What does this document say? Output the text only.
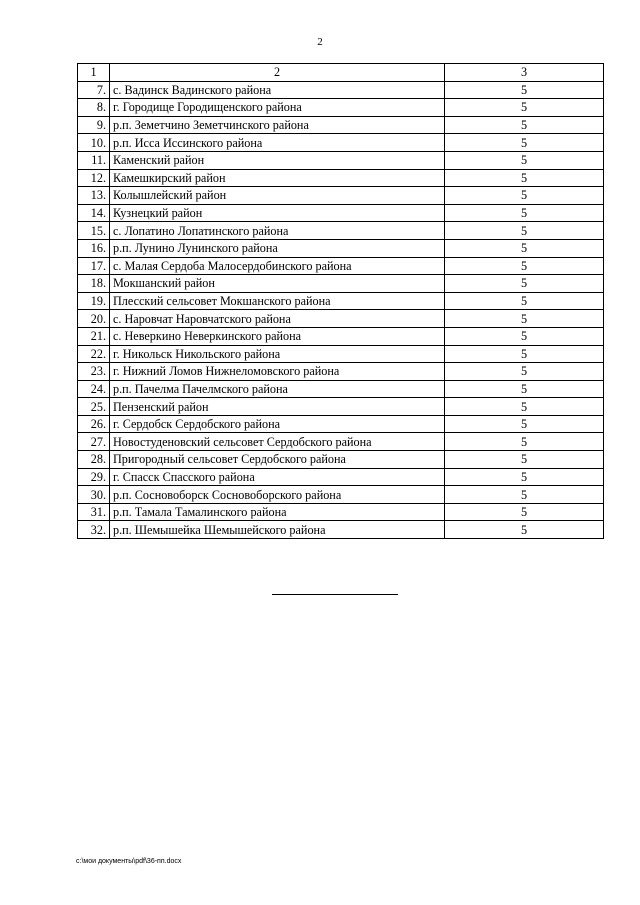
2
1	2	3
7.	с. Вадинск Вадинского района	5
8.	г. Городище Городищенского района	5
9.	р.п. Земетчино Земетчинского района	5
10.	р.п. Исса Иссинского района	5
11.	Каменский район	5
12.	Камешкирский район	5
13.	Колышлейский район	5
14.	Кузнецкий район	5
15.	с. Лопатино Лопатинского района	5
16.	р.п. Лунино Лунинского района	5
17.	с. Малая Сердоба Малосердобинского района	5
18.	Мокшанский район	5
19.	Плесский сельсовет Мокшанского района	5
20.	с. Наровчат Наровчатского района	5
21.	с. Неверкино Неверкинского района	5
22.	г. Никольск Никольского района	5
23.	г. Нижний Ломов Нижнеломовского района	5
24.	р.п. Пачелма Пачелмского района	5
25.	Пензенский район	5
26.	г. Сердобск Сердобского района	5
27.	Новостуденовский сельсовет Сердобского района	5
28.	Пригородный сельсовет Сердобского района	5
29.	г. Спасск Спасского района	5
30.	р.п. Сосновоборск Сосновоборского района	5
31.	р.п. Тамала Тамалинского района	5
32.	р.п. Шемышейка Шемышейского района	5
c:\мои документы\pdf\36-пп.docx
